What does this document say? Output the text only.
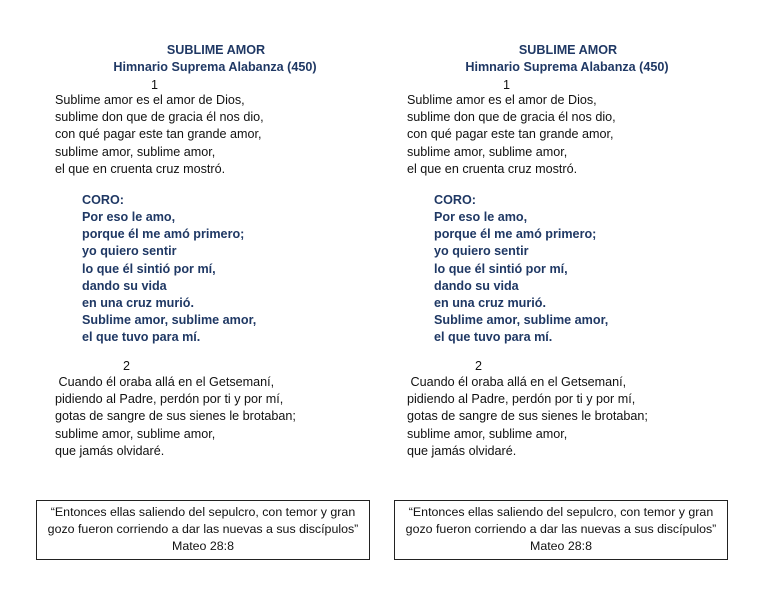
SUBLIME AMOR
Himnario Suprema Alabanza (450)
1
Sublime amor es el amor de Dios,
sublime don que de gracia él nos dio,
con qué pagar este tan grande amor,
sublime amor, sublime amor,
el que en cruenta cruz mostró.
CORO:
Por eso le amo,
porque él me amó primero;
yo quiero sentir
lo que él sintió por mí,
dando su vida
en una cruz murió.
Sublime amor, sublime amor,
el que tuvo para mí.
2
Cuando él oraba allá en el Getsemaní,
pidiendo al Padre, perdón por ti y por mí,
gotas de sangre de sus sienes le brotaban;
sublime amor, sublime amor,
que jamás olvidaré.
“Entonces ellas saliendo del sepulcro, con temor y gran
gozo fueron corriendo a dar las nuevas a sus discípulos”
Mateo 28:8
SUBLIME AMOR
Himnario Suprema Alabanza (450)
1
Sublime amor es el amor de Dios,
sublime don que de gracia él nos dio,
con qué pagar este tan grande amor,
sublime amor, sublime amor,
el que en cruenta cruz mostró.
CORO:
Por eso le amo,
porque él me amó primero;
yo quiero sentir
lo que él sintió por mí,
dando su vida
en una cruz murió.
Sublime amor, sublime amor,
el que tuvo para mí.
2
Cuando él oraba allá en el Getsemaní,
pidiendo al Padre, perdón por ti y por mí,
gotas de sangre de sus sienes le brotaban;
sublime amor, sublime amor,
que jamás olvidaré.
“Entonces ellas saliendo del sepulcro, con temor y gran
gozo fueron corriendo a dar las nuevas a sus discípulos”
Mateo 28:8
